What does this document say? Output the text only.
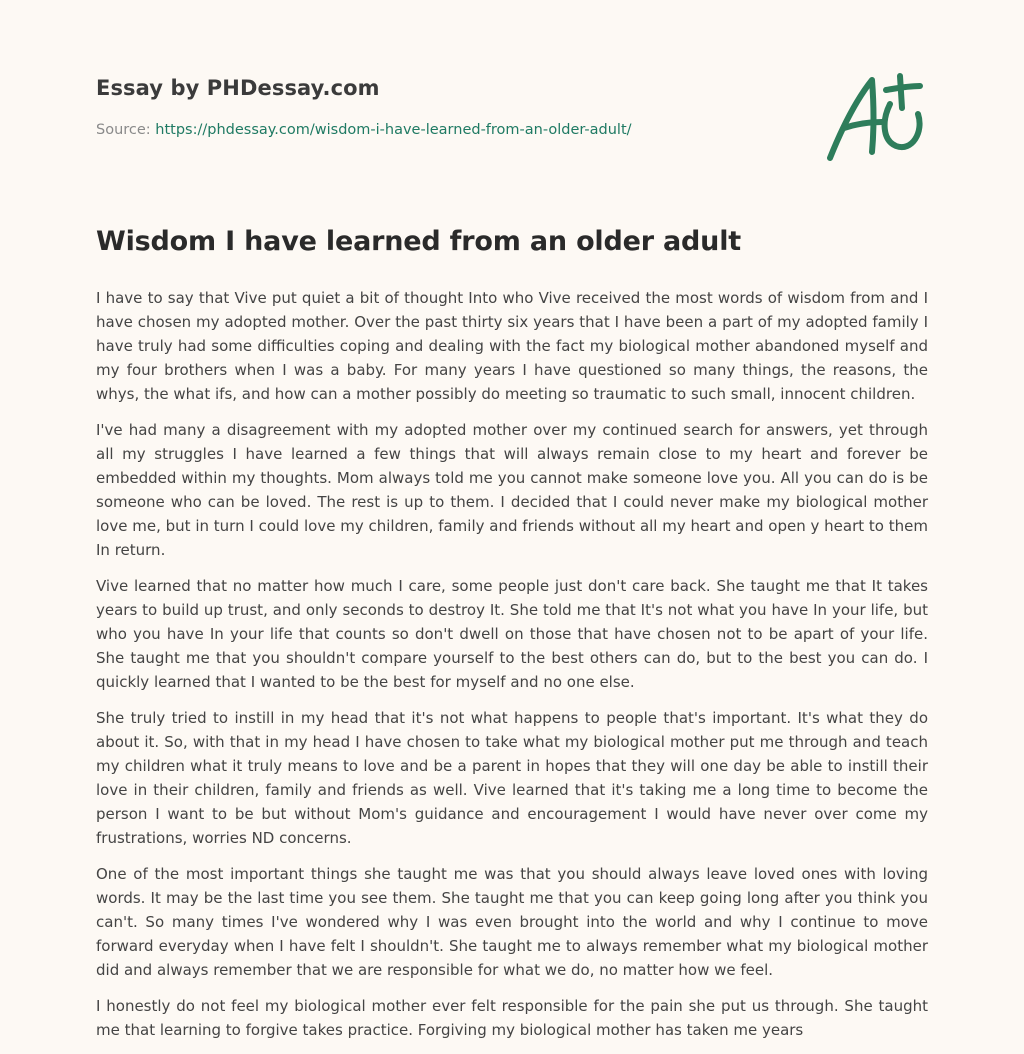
Essay by PHDessay.com
Source: https://phdessay.com/wisdom-i-have-learned-from-an-older-adult/
Wisdom I have learned from an older adult

I have to say that Vive put quiet a bit of thought Into who Vive received the most words of wisdom from and I have chosen my adopted mother. Over the past thirty six years that I have been a part of my adopted family I have truly had some difficulties coping and dealing with the fact my biological mother abandoned myself and my four brothers when I was a baby. For many years I have questioned so many things, the reasons, the whys, the what ifs, and how can a mother possibly do meeting so traumatic to such small, innocent children.

I've had many a disagreement with my adopted mother over my continued search for answers, yet through all my struggles I have learned a few things that will always remain close to my heart and forever be embedded within my thoughts. Mom always told me you cannot make someone love you. All you can do is be someone who can be loved. The rest is up to them. I decided that I could never make my biological mother love me, but in turn I could love my children, family and friends without all my heart and open y heart to them In return.

Vive learned that no matter how much I care, some people just don't care back. She taught me that It takes years to build up trust, and only seconds to destroy It. She told me that It's not what you have In your life, but who you have In your life that counts so don't dwell on those that have chosen not to be apart of your life. She taught me that you shouldn't compare yourself to the best others can do, but to the best you can do. I quickly learned that I wanted to be the best for myself and no one else.

She truly tried to instill in my head that it's not what happens to people that's important. It's what they do about it. So, with that in my head I have chosen to take what my biological mother put me through and teach my children what it truly means to love and be a parent in hopes that they will one day be able to instill their love in their children, family and friends as well. Vive learned that it's taking me a long time to become the person I want to be but without Mom's guidance and encouragement I would have never over come my frustrations, worries ND concerns.

One of the most important things she taught me was that you should always leave loved ones with loving words. It may be the last time you see them. She taught me that you can keep going long after you think you can't. So many times I've wondered why I was even brought into the world and why I continue to move forward everyday when I have felt I shouldn't. She taught me to always remember what my biological mother did and always remember that we are responsible for what we do, no matter how we feel.

I honestly do not feel my biological mother ever felt responsible for the pain she put us through. She taught me that learning to forgive takes practice. Forgiving my biological mother has taken me years
